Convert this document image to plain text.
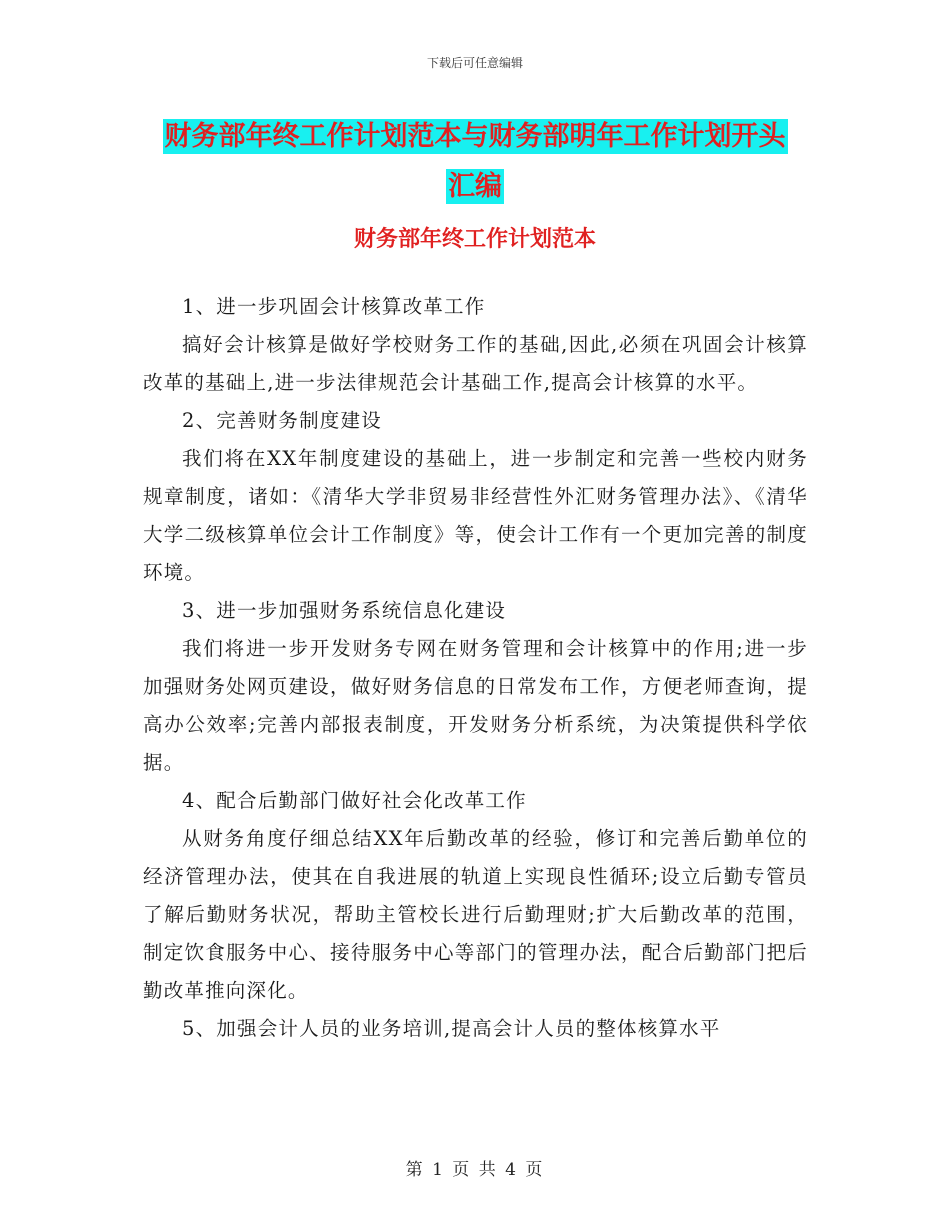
下载后可任意编辑
财务部年终工作计划范本与财务部明年工作计划开头
汇编
财务部年终工作计划范本

1、进一步巩固会计核算改革工作

搞好会计核算是做好学校财务工作的基础,因此,必须在巩固会计核算改革的基础上,进一步法律规范会计基础工作,提高会计核算的水平。

2、完善财务制度建设

我们将在XX年制度建设的基础上，进一步制定和完善一些校内财务规章制度，诸如：《清华大学非贸易非经营性外汇财务管理办法》、《清华大学二级核算单位会计工作制度》等，使会计工作有一个更加完善的制度环境。

3、进一步加强财务系统信息化建设

我们将进一步开发财务专网在财务管理和会计核算中的作用;进一步加强财务处网页建设，做好财务信息的日常发布工作，方便老师查询，提高办公效率;完善内部报表制度，开发财务分析系统，为决策提供科学依据。

4、配合后勤部门做好社会化改革工作

从财务角度仔细总结XX年后勤改革的经验，修订和完善后勤单位的经济管理办法，使其在自我进展的轨道上实现良性循环;设立后勤专管员了解后勤财务状况，帮助主管校长进行后勤理财;扩大后勤改革的范围，制定饮食服务中心、接待服务中心等部门的管理办法，配合后勤部门把后勤改革推向深化。

5、加强会计人员的业务培训,提高会计人员的整体核算水平

第 1 页 共 4 页
